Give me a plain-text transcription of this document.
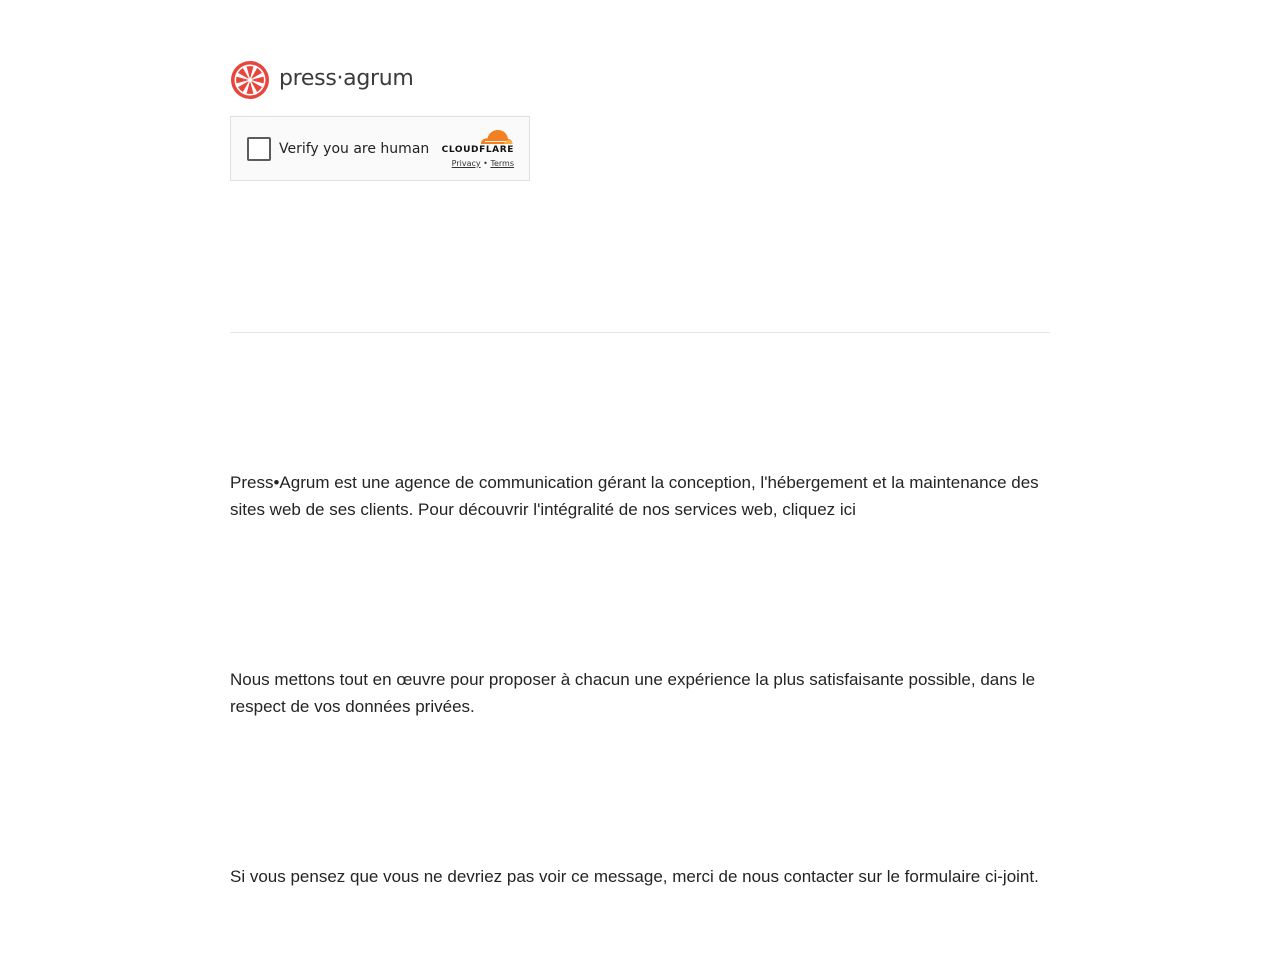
press·agrum
Verify you are human	CLOUDFLARE
Privacy • Terms

Press•Agrum est une agence de communication gérant la conception, l'hébergement et la maintenance des sites web de ses clients. Pour découvrir l'intégralité de nos services web, cliquez ici

Nous mettons tout en œuvre pour proposer à chacun une expérience la plus satisfaisante possible, dans le respect de vos données privées.

Si vous pensez que vous ne devriez pas voir ce message, merci de nous contacter sur le formulaire ci-joint.
